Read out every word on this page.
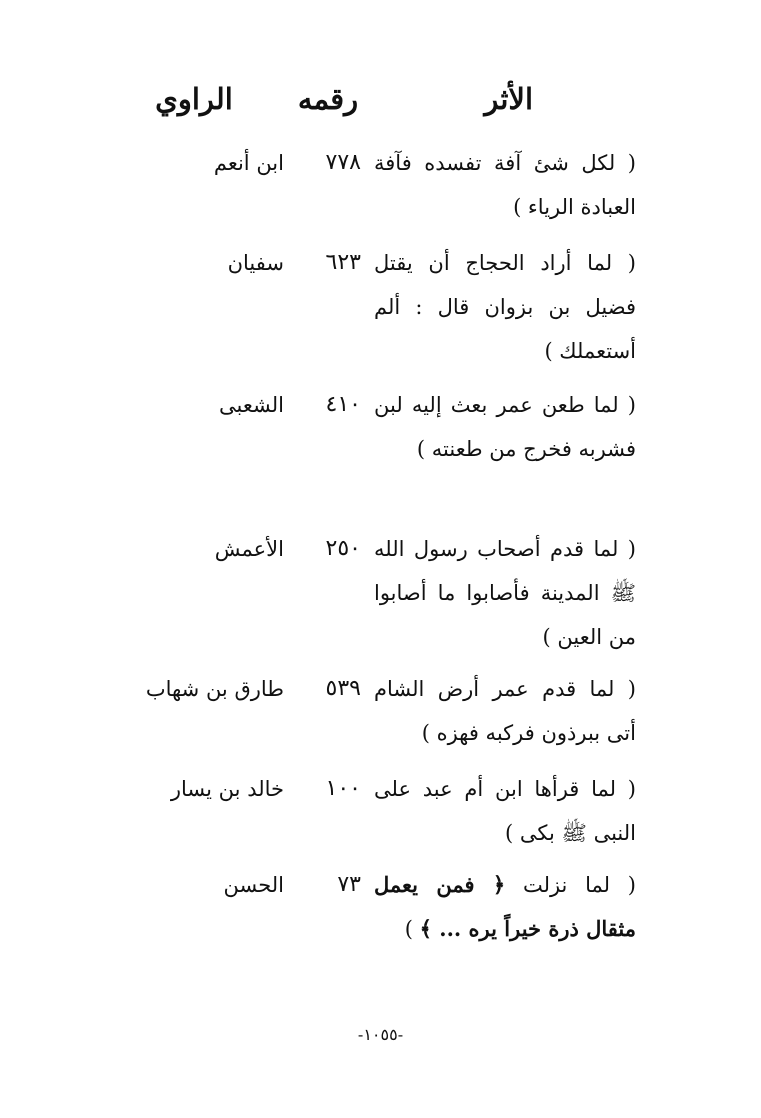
الأثر
رقمه
الراوي
( لكل شئ آفة تفسده فآفة العبادة الرياء )
٧٧٨
ابن أنعم
( لما أراد الحجاج أن يقتل فضيل بن بزوان قال : ألم أستعملك )
٦٢٣
سفيان
( لما طعن عمر بعث إليه لبن فشربه فخرج من طعنته )
٤١٠
الشعبى
( لما قدم أصحاب رسول الله ﷺ المدينة فأصابوا ما أصابوا من العين )
٢٥٠
الأعمش
( لما قدم عمر أرض الشام أتى ببرذون فركبه فهزه )
٥٣٩
طارق بن شهاب
( لما قرأها ابن أم عبد على النبى ﷺ بكى )
١٠٠
خالد بن يسار
( لما نزلت ﴿ فمن يعمل مثقال ذرة خيراً يره ... ﴾ )
٧٣
الحسن
-١٠٥٥-
